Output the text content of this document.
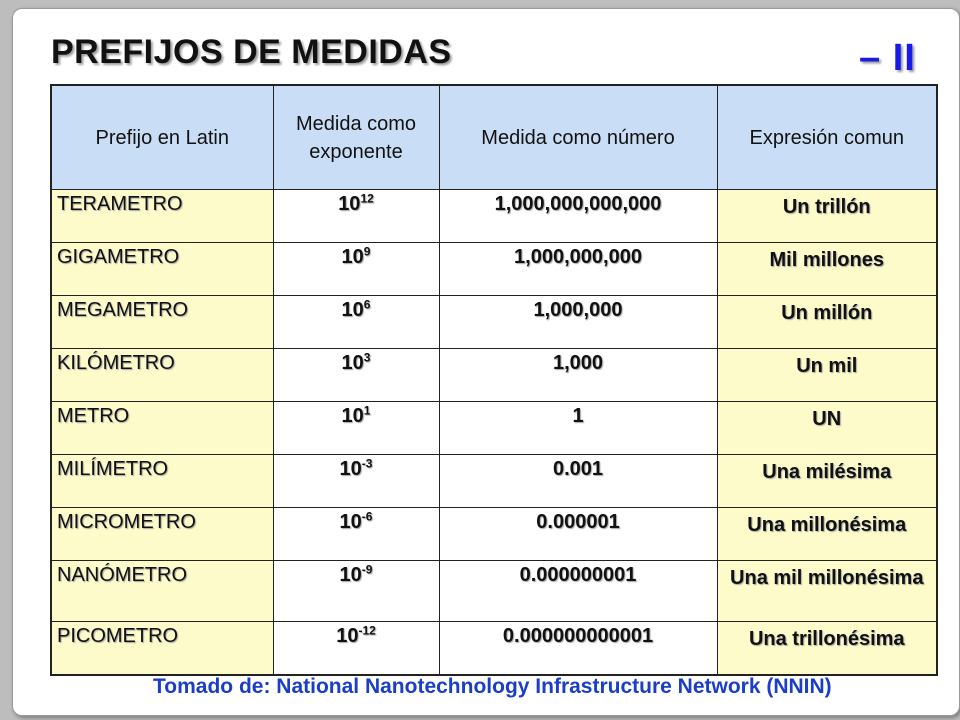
PREFIJOS DE MEDIDAS	– II
Prefijo en Latin	Medida como exponente	Medida como número	Expresión comun
TERAMETRO	$10^{12}$	1,000,000,000,000	Un trillón
GIGAMETRO	$10^9$	1,000,000,000	Mil millones
MEGAMETRO	$10^6$	1,000,000	Un millón
KILÓMETRO	$10^3$	1,000	Un mil
METRO	$10^1$	1	UN
MILÍMETRO	$10^{-3}$	0.001	Una milésima
MICROMETRO	$10^{-6}$	0.000001	Una millonésima
NANÓMETRO	$10^{-9}$	0.000000001	Una mil millonésima
PICOMETRO	$10^{-12}$	0.000000000001	Una trillonésima

Tomado de: National Nanotechnology Infrastructure Network (NNIN)
